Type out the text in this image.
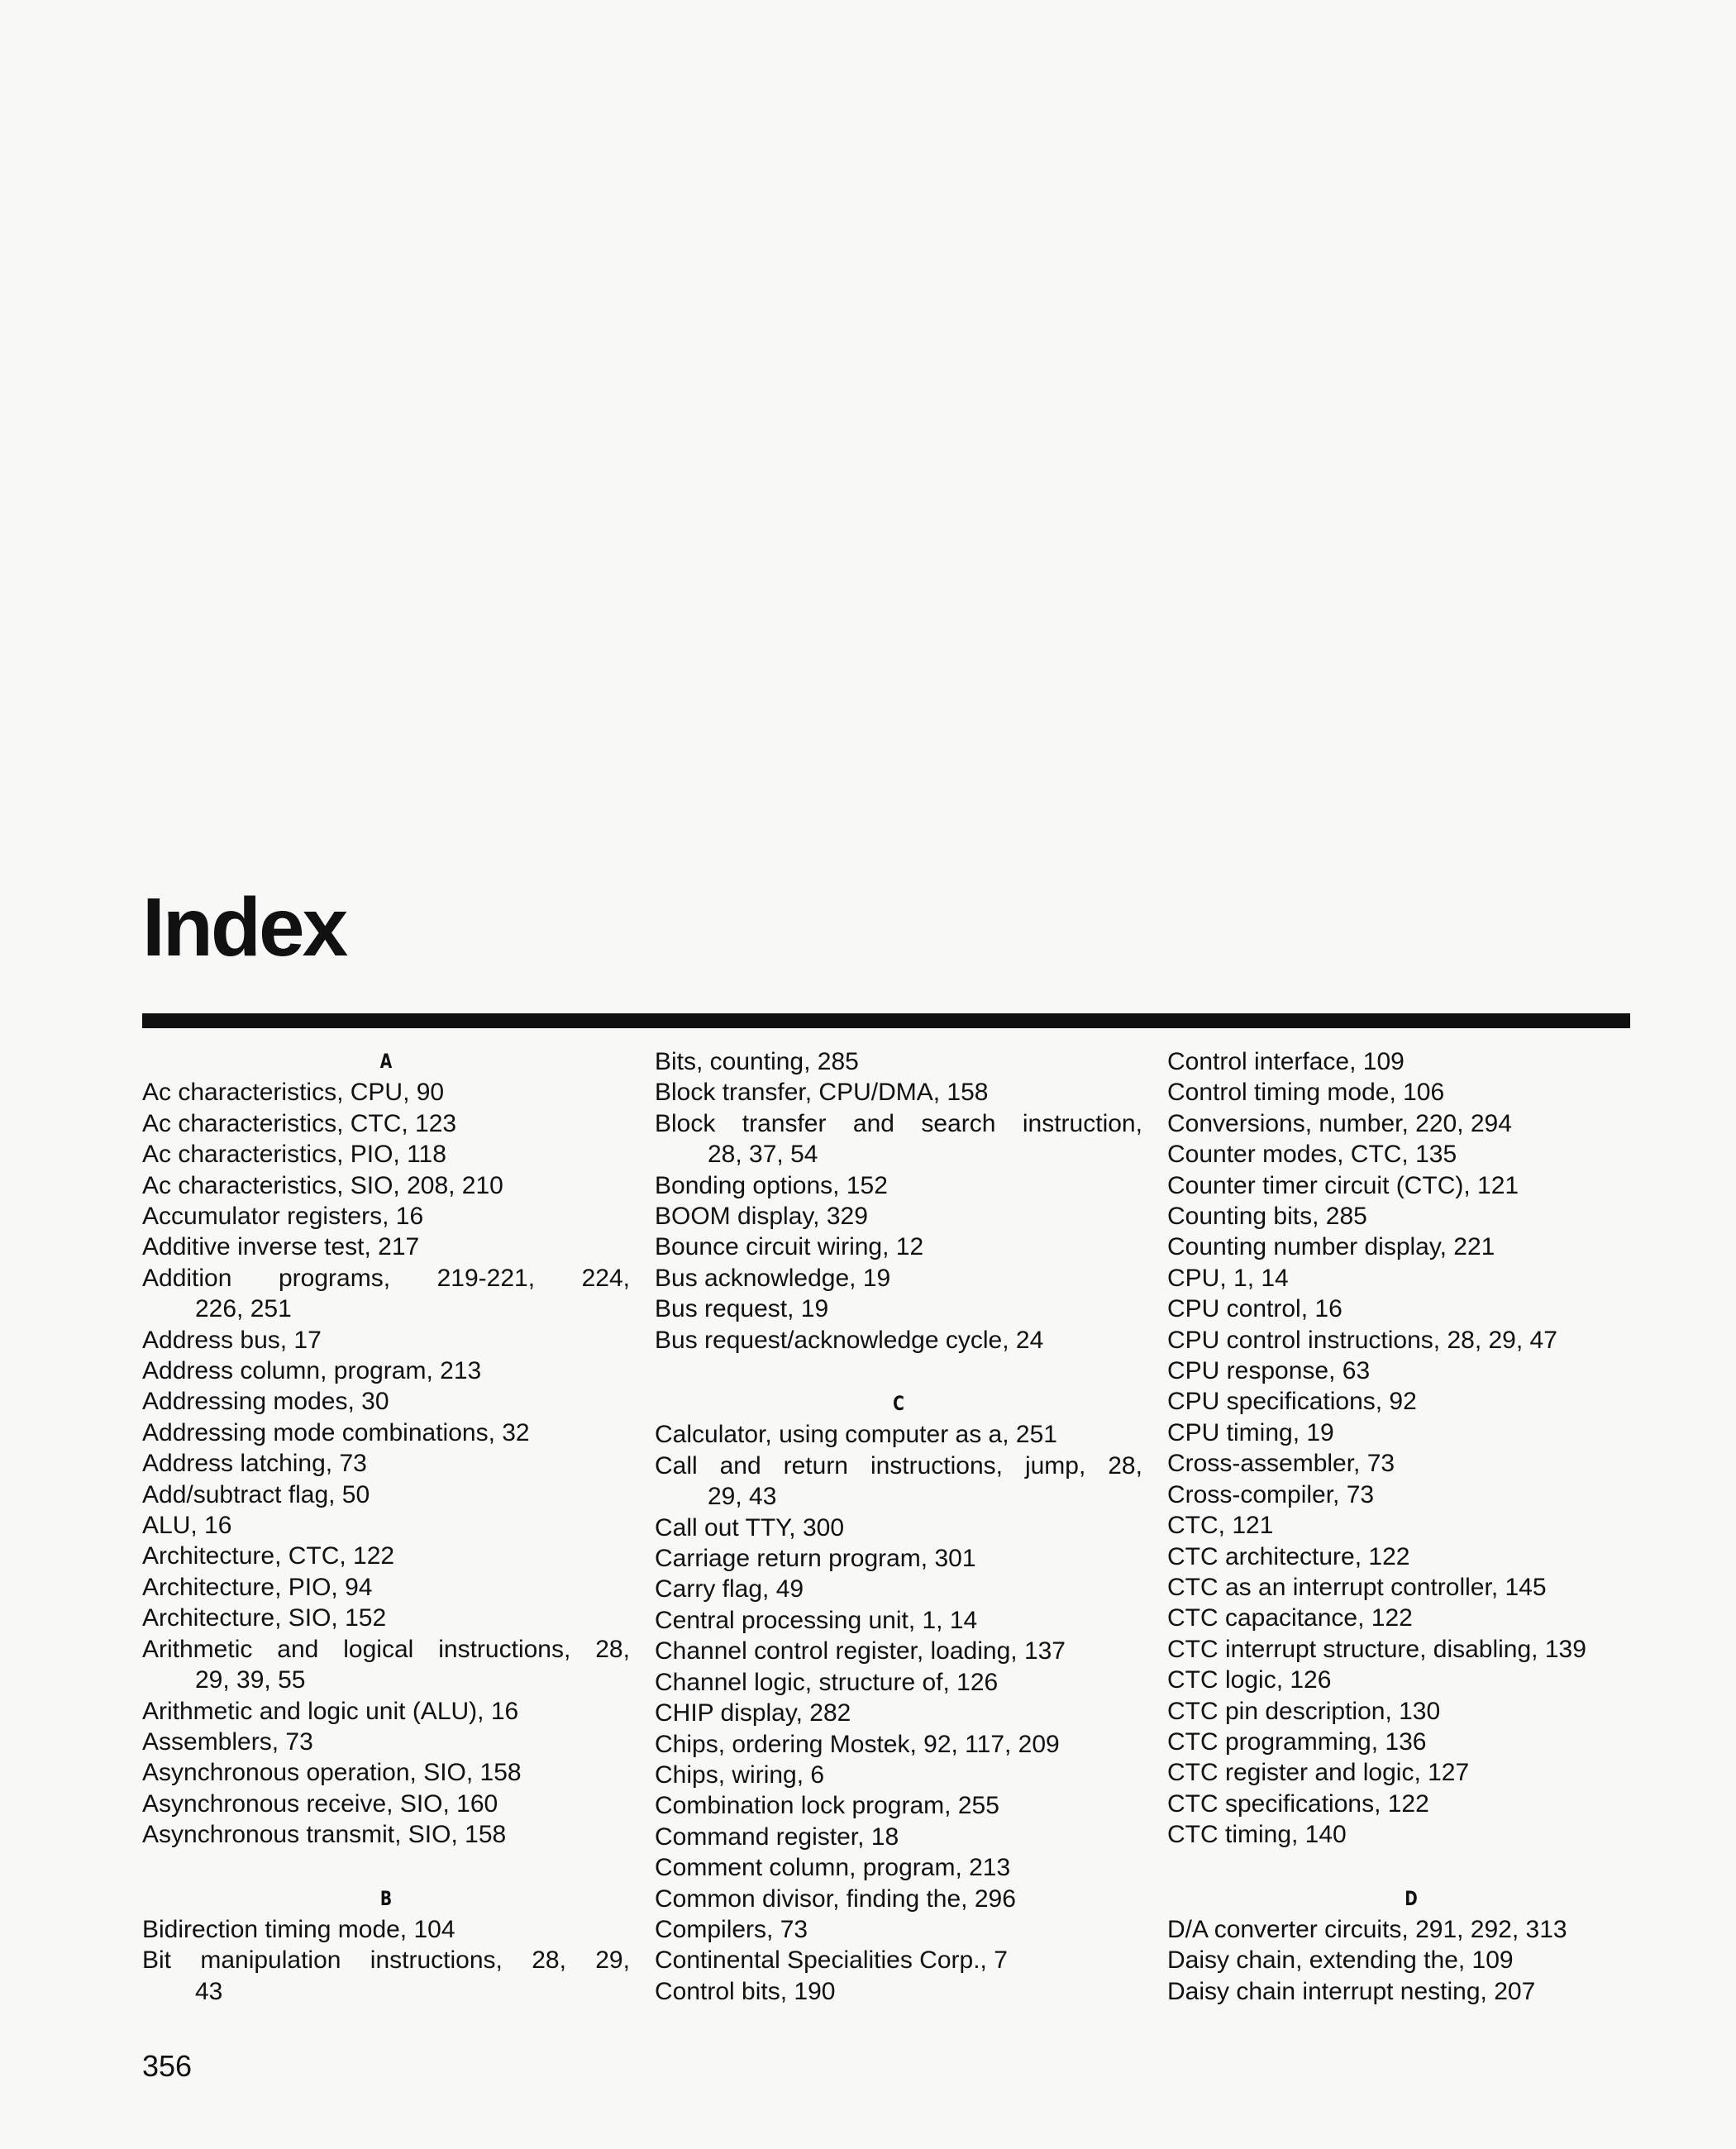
Index
A
Ac characteristics, CPU, 90
Ac characteristics, CTC, 123
Ac characteristics, PIO, 118
Ac characteristics, SIO, 208, 210
Accumulator registers, 16
Additive inverse test, 217
Addition programs, 219-221, 224,
226, 251
Address bus, 17
Address column, program, 213
Addressing modes, 30
Addressing mode combinations, 32
Address latching, 73
Add/subtract flag, 50
ALU, 16
Architecture, CTC, 122
Architecture, PIO, 94
Architecture, SIO, 152
Arithmetic and logical instructions, 28,
29, 39, 55
Arithmetic and logic unit (ALU), 16
Assemblers, 73
Asynchronous operation, SIO, 158
Asynchronous receive, SIO, 160
Asynchronous transmit, SIO, 158
B
Bidirection timing mode, 104
Bit manipulation instructions, 28, 29,
43
Bits, counting, 285
Block transfer, CPU/DMA, 158
Block transfer and search instruction,
28, 37, 54
Bonding options, 152
BOOM display, 329
Bounce circuit wiring, 12
Bus acknowledge, 19
Bus request, 19
Bus request/acknowledge cycle, 24
C
Calculator, using computer as a, 251
Call and return instructions, jump, 28,
29, 43
Call out TTY, 300
Carriage return program, 301
Carry flag, 49
Central processing unit, 1, 14
Channel control register, loading, 137
Channel logic, structure of, 126
CHIP display, 282
Chips, ordering Mostek, 92, 117, 209
Chips, wiring, 6
Combination lock program, 255
Command register, 18
Comment column, program, 213
Common divisor, finding the, 296
Compilers, 73
Continental Specialities Corp., 7
Control bits, 190
Control interface, 109
Control timing mode, 106
Conversions, number, 220, 294
Counter modes, CTC, 135
Counter timer circuit (CTC), 121
Counting bits, 285
Counting number display, 221
CPU, 1, 14
CPU control, 16
CPU control instructions, 28, 29, 47
CPU response, 63
CPU specifications, 92
CPU timing, 19
Cross-assembler, 73
Cross-compiler, 73
CTC, 121
CTC architecture, 122
CTC as an interrupt controller, 145
CTC capacitance, 122
CTC interrupt structure, disabling, 139
CTC logic, 126
CTC pin description, 130
CTC programming, 136
CTC register and logic, 127
CTC specifications, 122
CTC timing, 140
D
D/A converter circuits, 291, 292, 313
Daisy chain, extending the, 109
Daisy chain interrupt nesting, 207

356
